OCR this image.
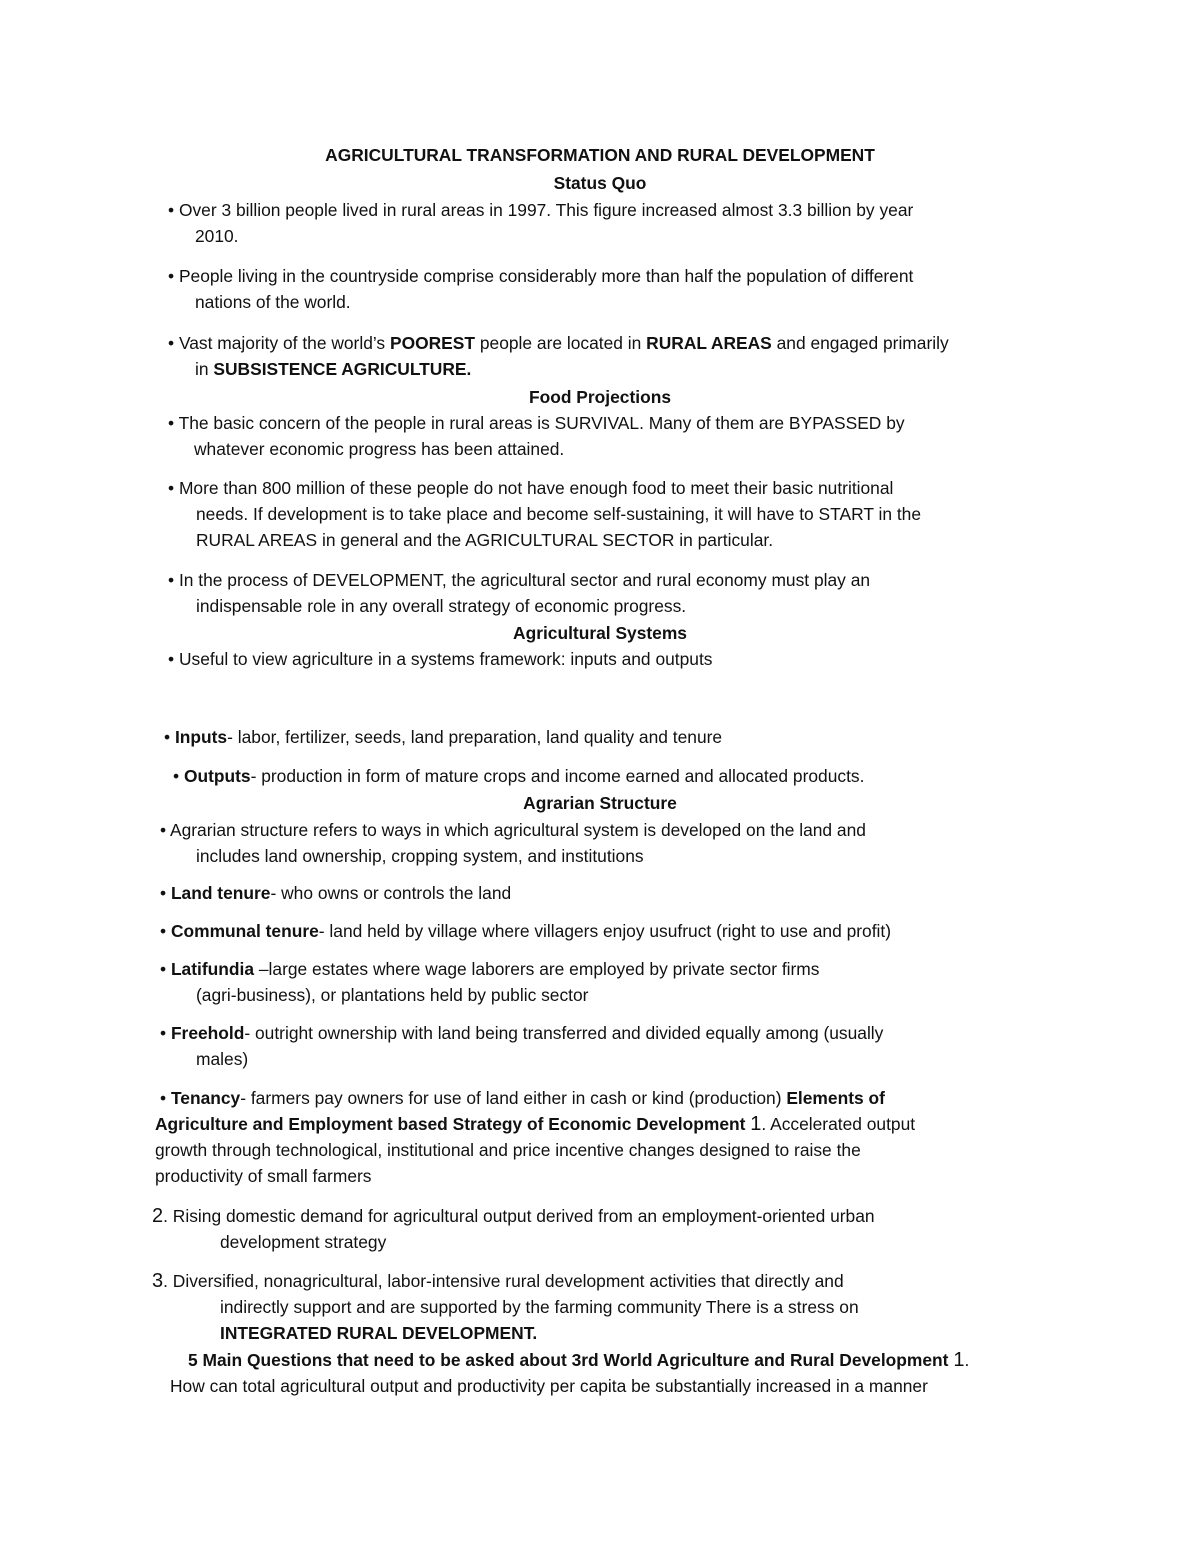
AGRICULTURAL TRANSFORMATION AND RURAL DEVELOPMENT
Status Quo
• Over 3 billion people lived in rural areas in 1997. This figure increased almost 3.3 billion by year
2010.
• People living in the countryside comprise considerably more than half the population of different
nations of the world.
• Vast majority of the world’s POOREST people are located in RURAL AREAS and engaged primarily
in SUBSISTENCE AGRICULTURE.
Food Projections
• The basic concern of the people in rural areas is SURVIVAL. Many of them are BYPASSED by
whatever economic progress has been attained.
• More than 800 million of these people do not have enough food to meet their basic nutritional
needs. If development is to take place and become self-sustaining, it will have to START in the
RURAL AREAS in general and the AGRICULTURAL SECTOR in particular.
• In the process of DEVELOPMENT, the agricultural sector and rural economy must play an
indispensable role in any overall strategy of economic progress.
Agricultural Systems
• Useful to view agriculture in a systems framework: inputs and outputs
• Inputs- labor, fertilizer, seeds, land preparation, land quality and tenure
• Outputs- production in form of mature crops and income earned and allocated products.
Agrarian Structure
• Agrarian structure refers to ways in which agricultural system is developed on the land and
includes land ownership, cropping system, and institutions
• Land tenure- who owns or controls the land
• Communal tenure- land held by village where villagers enjoy usufruct (right to use and profit)
• Latifundia –large estates where wage laborers are employed by private sector firms
(agri-business), or plantations held by public sector
• Freehold- outright ownership with land being transferred and divided equally among (usually
males)
• Tenancy- farmers pay owners for use of land either in cash or kind (production) Elements of
Agriculture and Employment based Strategy of Economic Development 1. Accelerated output
growth through technological, institutional and price incentive changes designed to raise the
productivity of small farmers
2. Rising domestic demand for agricultural output derived from an employment-oriented urban
development strategy
3. Diversified, nonagricultural, labor-intensive rural development activities that directly and
indirectly support and are supported by the farming community There is a stress on
INTEGRATED RURAL DEVELOPMENT.
5 Main Questions that need to be asked about 3rd World Agriculture and Rural Development 1.
How can total agricultural output and productivity per capita be substantially increased in a manner
